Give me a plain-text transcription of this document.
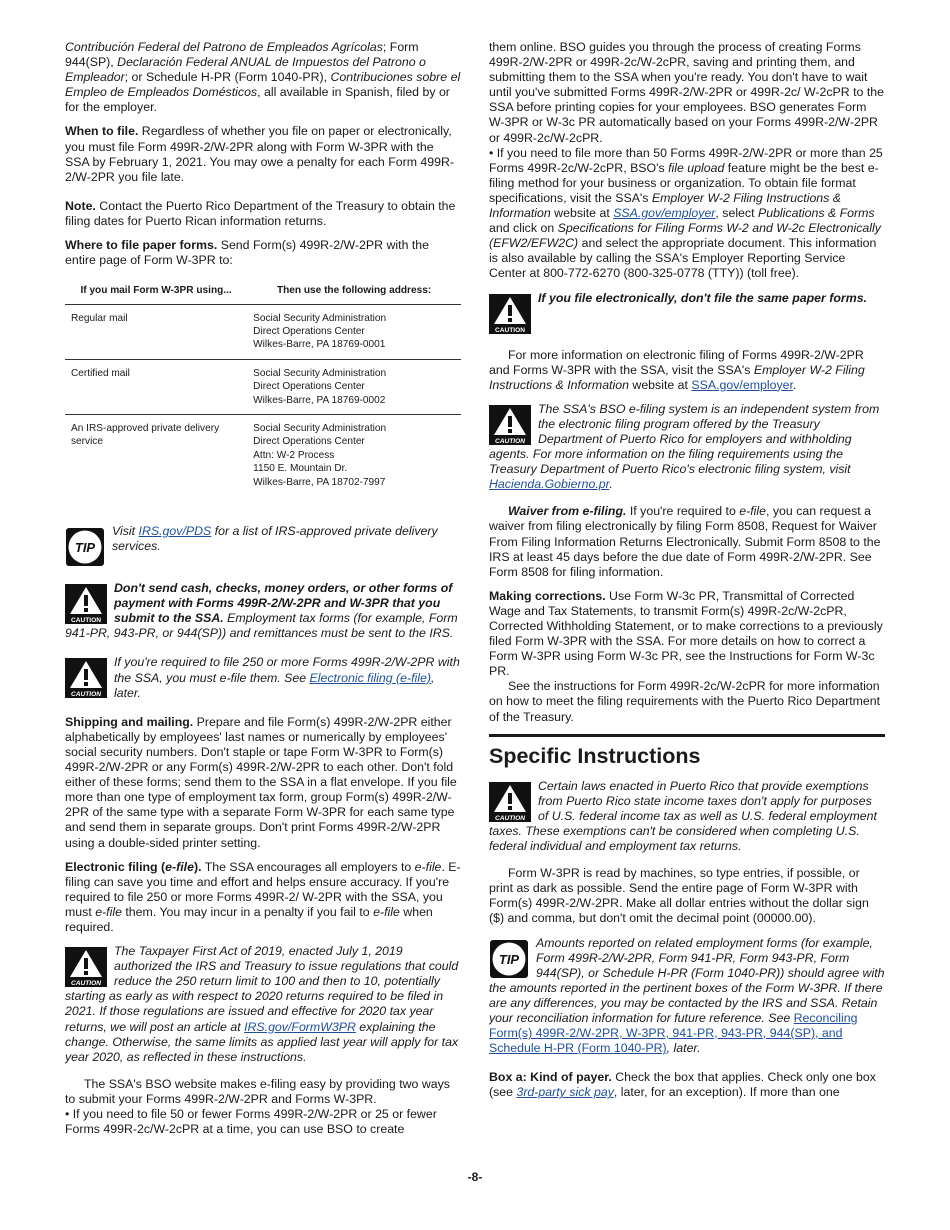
Contribución Federal del Patrono de Empleados Agrícolas; Form 944(SP), Declaración Federal ANUAL de Impuestos del Patrono o Empleador; or Schedule H-PR (Form 1040-PR), Contribuciones sobre el Empleo de Empleados Domésticos, all available in Spanish, filed by or for the employer.

When to file. Regardless of whether you file on paper or electronically, you must file Form 499R-2/W-2PR along with Form W-3PR with the SSA by February 1, 2021. You may owe a penalty for each Form 499R-2/W-2PR you file late.

Note. Contact the Puerto Rico Department of the Treasury to obtain the filing dates for Puerto Rican information returns.

Where to file paper forms. Send Form(s) 499R-2/W-2PR with the entire page of Form W-3PR to:

If you mail Form W-3PR using...	Then use the following address:
Regular mail	Social Security Administration
Direct Operations Center
Wilkes-Barre, PA 18769-0001

Certified mail	Social Security Administration
Direct Operations Center
Wilkes-Barre, PA 18769-0002

An IRS-approved private delivery service	Social Security Administration
Direct Operations Center
Attn: W-2 Process
1150 E. Mountain Dr.
Wilkes-Barre, PA 18702-7997
TIP
Visit IRS.gov/PDS for a list of IRS-approved private delivery services.
CAUTION
Don't send cash, checks, money orders, or other forms of payment with Forms 499R-2/W-2PR and W-3PR that you submit to the SSA. Employment tax forms (for example, Form 941-PR, 943-PR, or 944(SP)) and remittances must be sent to the IRS.
CAUTION
If you're required to file 250 or more Forms 499R-2/W-2PR with the SSA, you must e-file them. See Electronic filing (e-file), later.

Shipping and mailing. Prepare and file Form(s) 499R-2/W-2PR either alphabetically by employees' last names or numerically by employees' social security numbers. Don't staple or tape Form W-3PR to Form(s) 499R-2/W-2PR or any Form(s) 499R-2/W-2PR to each other. Don't fold either of these forms; send them to the SSA in a flat envelope. If you file more than one type of employment tax form, group Form(s) 499R-2/W-2PR of the same type with a separate Form W-3PR for each same type and send them in separate groups. Don't print Forms 499R-2/W-2PR using a double-sided printer setting.

Electronic filing (e-file). The SSA encourages all employers to e-file. E-filing can save you time and effort and helps ensure accuracy. If you're required to file 250 or more Forms 499R-2/ W-2PR with the SSA, you must e-file them. You may incur in a penalty if you fail to e-file when required.

CAUTION
The Taxpayer First Act of 2019, enacted July 1, 2019 authorized the IRS and Treasury to issue regulations that could reduce the 250 return limit to 100 and then to 10, potentially starting as early as with respect to 2020 returns required to be filed in 2021. If those regulations are issued and effective for 2020 tax year returns, we will post an article at IRS.gov/FormW3PR explaining the change. Otherwise, the same limits as applied last year will apply for tax year 2020, as reflected in these instructions.

The SSA's BSO website makes e-filing easy by providing two ways to submit your Forms 499R-2/W-2PR and Forms W-3PR.
• If you need to file 50 or fewer Forms 499R-2/W-2PR or 25 or fewer Forms 499R-2c/W-2cPR at a time, you can use BSO to create

them online. BSO guides you through the process of creating Forms 499R-2/W-2PR or 499R-2c/W-2cPR, saving and printing them, and submitting them to the SSA when you're ready. You don't have to wait until you've submitted Forms 499R-2/W-2PR or 499R-2c/ W-2cPR to the SSA before printing copies for your employees. BSO generates Form W-3PR or W-3c PR automatically based on your Forms 499R-2/W-2PR or 499R-2c/W-2cPR.

• If you need to file more than 50 Forms 499R-2/W-2PR or more than 25 Forms 499R-2c/W-2cPR, BSO's file upload feature might be the best e-filing method for your business or organization. To obtain file format specifications, visit the SSA's Employer W-2 Filing Instructions & Information website at SSA.gov/employer, select Publications & Forms and click on Specifications for Filing Forms W-2 and W-2c Electronically (EFW2/EFW2C) and select the appropriate document. This information is also available by calling the SSA's Employer Reporting Service Center at 800-772-6270 (800-325-0778 (TTY)) (toll free).

CAUTION
If you file electronically, don't file the same paper forms.

For more information on electronic filing of Forms 499R-2/W-2PR and Forms W-3PR with the SSA, visit the SSA's Employer W-2 Filing Instructions & Information website at SSA.gov/employer.

CAUTION
The SSA's BSO e-filing system is an independent system from the electronic filing program offered by the Treasury Department of Puerto Rico for employers and withholding agents. For more information on the filing requirements using the Treasury Department of Puerto Rico's electronic filing system, visit Hacienda.Gobierno.pr.

Waiver from e-filing. If you're required to e-file, you can request a waiver from filing electronically by filing Form 8508, Request for Waiver From Filing Information Returns Electronically. Submit Form 8508 to the IRS at least 45 days before the due date of Form 499R-2/W-2PR. See Form 8508 for filing information.

Making corrections. Use Form W-3c PR, Transmittal of Corrected Wage and Tax Statements, to transmit Form(s) 499R-2c/W-2cPR, Corrected Withholding Statement, or to make corrections to a previously filed Form W-3PR with the SSA. For more details on how to correct a Form W-3PR using Form W-3c PR, see the Instructions for Form W-3c PR.

See the instructions for Form 499R-2c/W-2cPR for more information on how to meet the filing requirements with the Puerto Rico Department of the Treasury.

Specific Instructions
CAUTION
Certain laws enacted in Puerto Rico that provide exemptions from Puerto Rico state income taxes don't apply for purposes of U.S. federal income tax as well as U.S. federal employment taxes. These exemptions can't be considered when completing U.S. federal individual and employment tax returns.

Form W-3PR is read by machines, so type entries, if possible, or print as dark as possible. Send the entire page of Form W-3PR with Form(s) 499R-2/W-2PR. Make all dollar entries without the dollar sign ($) and comma, but don't omit the decimal point (00000.00).

TIP
Amounts reported on related employment forms (for example, Form 499R-2/W-2PR, Form 941-PR, Form 943-PR, Form 944(SP), or Schedule H-PR (Form 1040-PR)) should agree with the amounts reported in the pertinent boxes of the Form W-3PR. If there are any differences, you may be contacted by the IRS and SSA. Retain your reconciliation information for future reference. See Reconciling Form(s) 499R-2/W-2PR, W-3PR, 941-PR, 943-PR, 944(SP), and Schedule H-PR (Form 1040-PR), later.

Box a: Kind of payer. Check the box that applies. Check only one box (see 3rd-party sick pay, later, for an exception). If more than one

-8-
